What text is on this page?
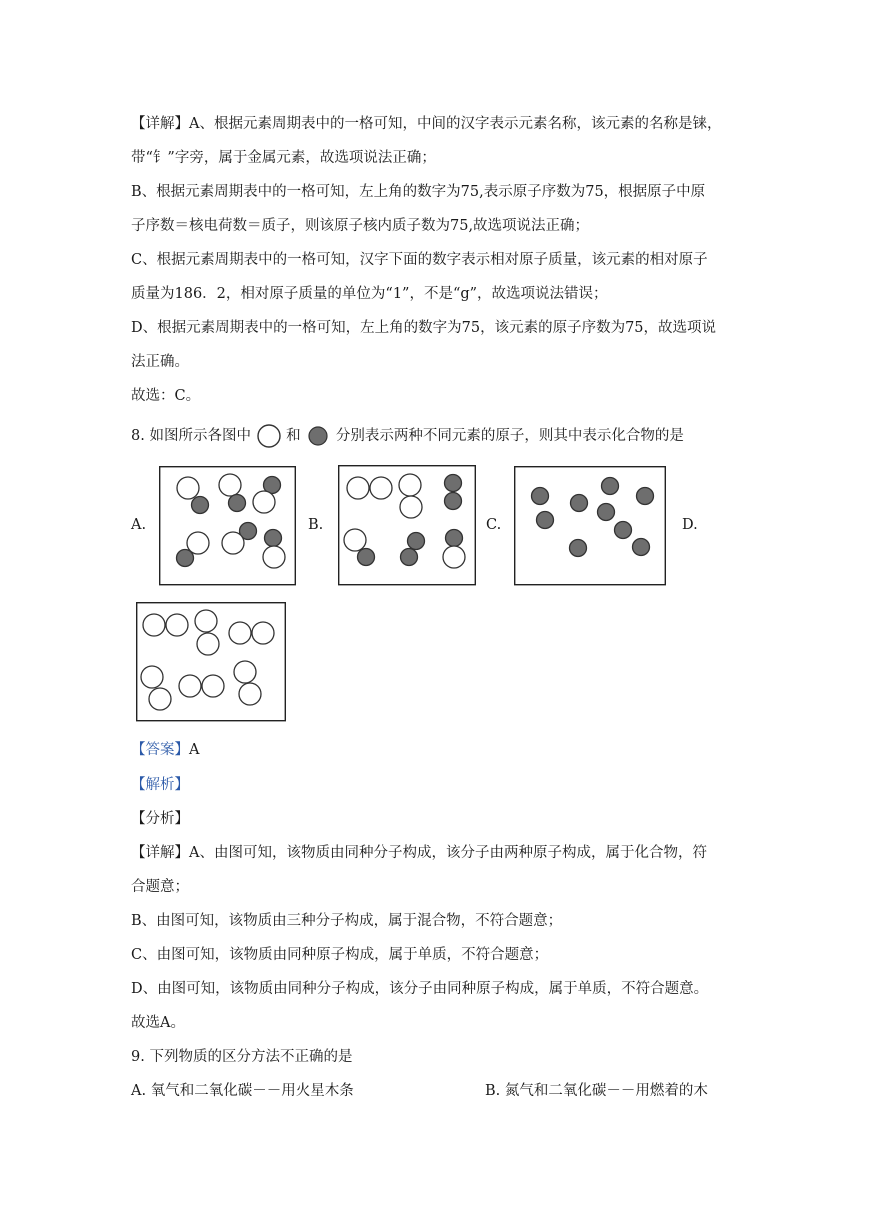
【详解】A、根据元素周期表中的一格可知，中间的汉字表示元素名称，该元素的名称是铼，
带“钅”字旁，属于金属元素，故选项说法正确；
B、根据元素周期表中的一格可知，左上角的数字为75,表示原子序数为75，根据原子中原
子序数＝核电荷数＝质子，则该原子核内质子数为75,故选项说法正确；
C、根据元素周期表中的一格可知，汉字下面的数字表示相对原子质量，该元素的相对原子
质量为186．2，相对原子质量的单位为“1”，不是“g”，故选项说法错误；
D、根据元素周期表中的一格可知，左上角的数字为75，该元素的原子序数为75，故选项说
法正确。
故选：C。
8. 如图所示各图中 和 分别表示两种不同元素的原子，则其中表示化合物的是
A.	B.	C.	D.
【答案】A
【解析】
【分析】
【详解】A、由图可知，该物质由同种分子构成，该分子由两种原子构成，属于化合物，符
合题意；
B、由图可知，该物质由三种分子构成，属于混合物，不符合题意；
C、由图可知，该物质由同种原子构成，属于单质，不符合题意；
D、由图可知，该物质由同种分子构成，该分子由同种原子构成，属于单质，不符合题意。
故选A。
9. 下列物质的区分方法不正确的是
A. 氧气和二氧化碳－－用火星木条	B. 氮气和二氧化碳－－用燃着的木
